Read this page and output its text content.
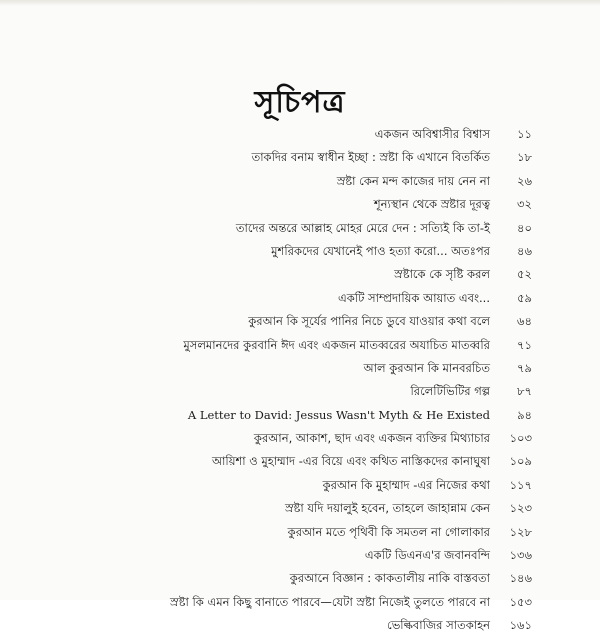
সূচিপত্র
একজন অবিশ্বাসীর বিশ্বাস	১১
তাকদির বনাম স্বাধীন ইচ্ছা : স্রষ্টা কি এখানে বিতর্কিত	১৮
স্রষ্টা কেন মন্দ কাজের দায় নেন না	২৬
শূন্যস্থান থেকে স্রষ্টার দূরত্ব	৩২
তাদের অন্তরে আল্লাহ মোহর মেরে দেন : সত্যিই কি তা-ই	৪০
মুশরিকদের যেখানেই পাও হত্যা করো... অতঃপর	৪৬
স্রষ্টাকে কে সৃষ্টি করল	৫২
একটি সাম্প্রদায়িক আয়াত এবং...	৫৯
কুরআন কি সূর্যের পানির নিচে ডুবে যাওয়ার কথা বলে	৬৪
মুসলমানদের কুরবানি ঈদ এবং একজন মাতব্বরের অযাচিত মাতব্বরি	৭১
আল কুরআন কি মানবরচিত	৭৯
রিলেটিভিটির গল্প	৮৭
A Letter to David: Jessus Wasn't Myth & He Existed	৯৪
কুরআন, আকাশ, ছাদ এবং একজন ব্যক্তির মিথ্যাচার	১০৩
আয়িশা ও মুহাম্মাদ -এর বিয়ে এবং কথিত নাস্তিকদের কানাঘুষা	১০৯
কুরআন কি মুহাম্মাদ -এর নিজের কথা	১১৭
স্রষ্টা যদি দয়ালুই হবেন, তাহলে জাহান্নাম কেন	১২৩
কুরআন মতে পৃথিবী কি সমতল না গোলাকার	১২৮
একটি ডিএনএ'র জবানবন্দি	১৩৬
কুরআনে বিজ্ঞান : কাকতালীয় নাকি বাস্তবতা	১৪৬
স্রষ্টা কি এমন কিছু বানাতে পারবে—যেটা স্রষ্টা নিজেই তুলতে পারবে না	১৫৩
ভেল্কিবাজির সাতকাহন	১৬১
